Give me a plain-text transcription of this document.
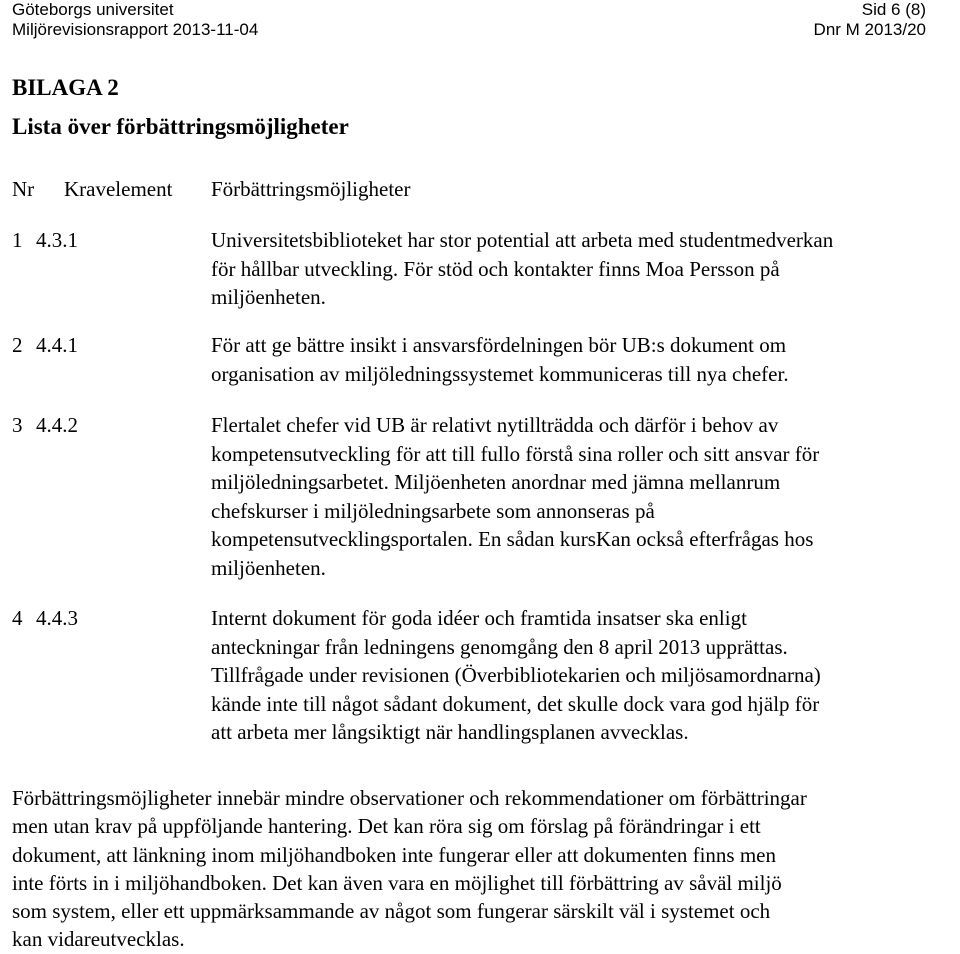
Göteborgs universitet	Sid 6 (8)
Miljörevisionsrapport 2013-11-04	Dnr M 2013/20
BILAGA 2
Lista över förbättringsmöjligheter
Nr Kravelement Förbättringsmöjligheter
1 4.3.1	Universitetsbiblioteket har stor potential att arbeta med studentmedverkan
för hållbar utveckling. För stöd och kontakter finns Moa Persson på
miljöenheten.
2 4.4.1	För att ge bättre insikt i ansvarsfördelningen bör UB:s dokument om
organisation av miljöledningssystemet kommuniceras till nya chefer.
3 4.4.2	Flertalet chefer vid UB är relativt nytillträdda och därför i behov av
kompetensutveckling för att till fullo förstå sina roller och sitt ansvar för
miljöledningsarbetet. Miljöenheten anordnar med jämna mellanrum
chefskurser i miljöledningsarbete som annonseras på
kompetensutvecklingsportalen. En sådan kursKan också efterfrågas hos
miljöenheten.
4 4.4.3	Internt dokument för goda idéer och framtida insatser ska enligt
anteckningar från ledningens genomgång den 8 april 2013 upprättas.
Tillfrågade under revisionen (Överbibliotekarien och miljösamordnarna)
kände inte till något sådant dokument, det skulle dock vara god hjälp för
att arbeta mer långsiktigt när handlingsplanen avvecklas.
Förbättringsmöjligheter innebär mindre observationer och rekommendationer om förbättringar
men utan krav på uppföljande hantering. Det kan röra sig om förslag på förändringar i ett
dokument, att länkning inom miljöhandboken inte fungerar eller att dokumenten finns men
inte förts in i miljöhandboken. Det kan även vara en möjlighet till förbättring av såväl miljö
som system, eller ett uppmärksammande av något som fungerar särskilt väl i systemet och
kan vidareutvecklas.
